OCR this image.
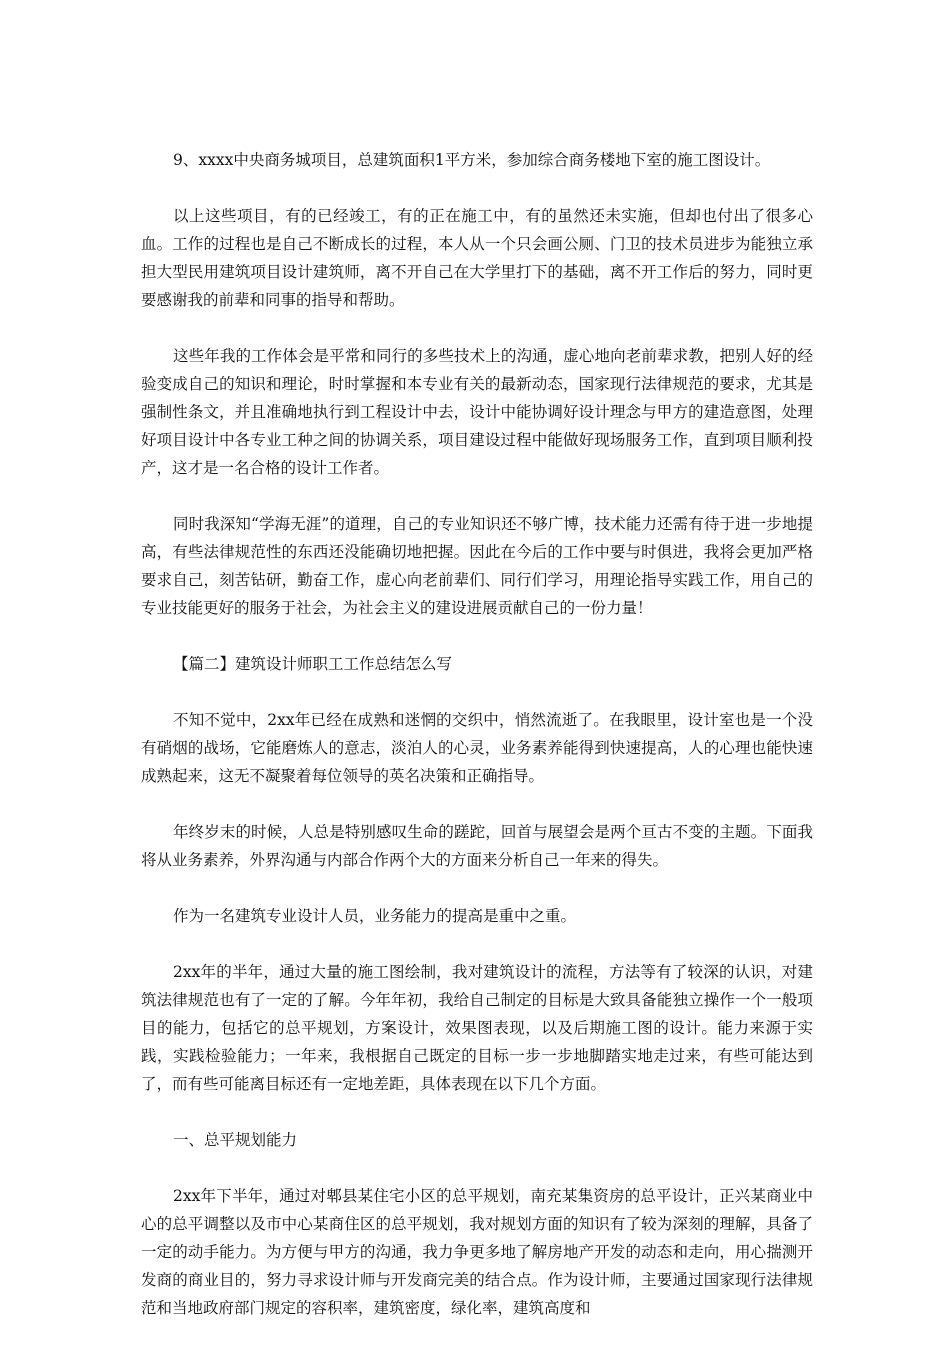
9、xxxx中央商务城项目，总建筑面积1平方米，参加综合商务楼地下室的施工图设计。

以上这些项目，有的已经竣工，有的正在施工中，有的虽然还未实施，但却也付出了很多心血。工作的过程也是自己不断成长的过程，本人从一个只会画公厕、门卫的技术员进步为能独立承担大型民用建筑项目设计建筑师，离不开自己在大学里打下的基础，离不开工作后的努力，同时更要感谢我的前辈和同事的指导和帮助。

这些年我的工作体会是平常和同行的多些技术上的沟通，虚心地向老前辈求教，把别人好的经验变成自己的知识和理论，时时掌握和本专业有关的最新动态，国家现行法律规范的要求，尤其是强制性条文，并且准确地执行到工程设计中去，设计中能协调好设计理念与甲方的建造意图，处理好项目设计中各专业工种之间的协调关系，项目建设过程中能做好现场服务工作，直到项目顺利投产，这才是一名合格的设计工作者。

同时我深知“学海无涯”的道理，自己的专业知识还不够广博，技术能力还需有待于进一步地提高，有些法律规范性的东西还没能确切地把握。因此在今后的工作中要与时俱进，我将会更加严格要求自己，刻苦钻研，勤奋工作，虚心向老前辈们、同行们学习，用理论指导实践工作，用自己的专业技能更好的服务于社会，为社会主义的建设进展贡献自己的一份力量！

【篇二】建筑设计师职工工作总结怎么写

不知不觉中，2xx年已经在成熟和迷惘的交织中，悄然流逝了。在我眼里，设计室也是一个没有硝烟的战场，它能磨炼人的意志，淡泊人的心灵，业务素养能得到快速提高，人的心理也能快速成熟起来，这无不凝聚着每位领导的英名决策和正确指导。

年终岁末的时候，人总是特别感叹生命的蹉跎，回首与展望会是两个亘古不变的主题。下面我将从业务素养，外界沟通与内部合作两个大的方面来分析自己一年来的得失。

作为一名建筑专业设计人员，业务能力的提高是重中之重。

2xx年的半年，通过大量的施工图绘制，我对建筑设计的流程，方法等有了较深的认识，对建筑法律规范也有了一定的了解。今年年初，我给自己制定的目标是大致具备能独立操作一个一般项目的能力，包括它的总平规划，方案设计，效果图表现，以及后期施工图的设计。能力来源于实践，实践检验能力；一年来，我根据自己既定的目标一步一步地脚踏实地走过来，有些可能达到了，而有些可能离目标还有一定地差距，具体表现在以下几个方面。

一、总平规划能力

2xx年下半年，通过对郫县某住宅小区的总平规划，南充某集资房的总平设计，正兴某商业中心的总平调整以及市中心某商住区的总平规划，我对规划方面的知识有了较为深刻的理解，具备了一定的动手能力。为方便与甲方的沟通，我力争更多地了解房地产开发的动态和走向，用心揣测开发商的商业目的，努力寻求设计师与开发商完美的结合点。作为设计师，主要通过国家现行法律规范和当地政府部门规定的容积率，建筑密度，绿化率，建筑高度和
